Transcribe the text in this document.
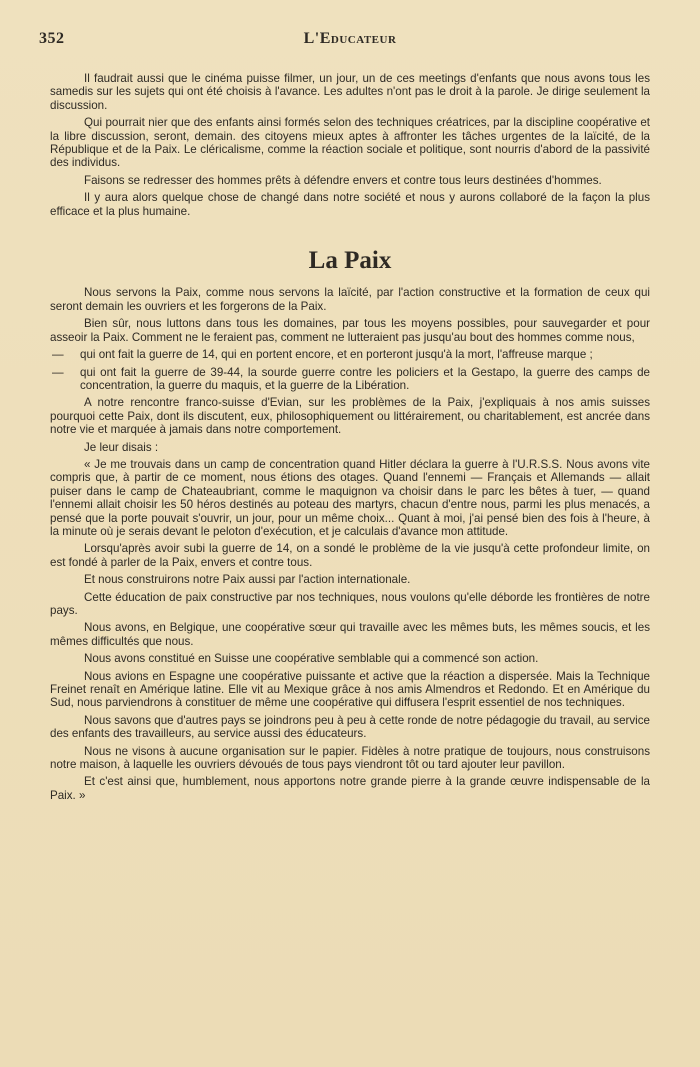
352	L'Educateur

Il faudrait aussi que le cinéma puisse filmer, un jour, un de ces meetings d'enfants que nous avons tous les samedis sur les sujets qui ont été choisis à l'avance. Les adultes n'ont pas le droit à la parole. Je dirige seulement la discussion.

Qui pourrait nier que des enfants ainsi formés selon des techniques créatrices, par la discipline coopérative et la libre discussion, seront, demain. des citoyens mieux aptes à affronter les tâches urgentes de la laïcité, de la République et de la Paix. Le cléricalisme, comme la réaction sociale et politique, sont nourris d'abord de la passivité des individus.

Faisons se redresser des hommes prêts à défendre envers et contre tous leurs destinées d'hommes.

Il y aura alors quelque chose de changé dans notre société et nous y aurons collaboré de la façon la plus efficace et la plus humaine.

La Paix

Nous servons la Paix, comme nous servons la laïcité, par l'action constructive et la formation de ceux qui seront demain les ouvriers et les forgerons de la Paix.

Bien sûr, nous luttons dans tous les domaines, par tous les moyens possibles, pour sauvegarder et pour asseoir la Paix. Comment ne le feraient pas, comment ne lutteraient pas jusqu'au bout des hommes comme nous,

—	qui ont fait la guerre de 14, qui en portent encore, et en porteront jusqu'à la mort, l'affreuse marque ;
—	qui ont fait la guerre de 39-44, la sourde guerre contre les policiers et la Gestapo, la guerre des camps de concentration, la guerre du maquis, et la guerre de la Libération.

A notre rencontre franco-suisse d'Evian, sur les problèmes de la Paix, j'expliquais à nos amis suisses pourquoi cette Paix, dont ils discutent, eux, philosophiquement ou littérairement, ou charitablement, est ancrée dans notre vie et marquée à jamais dans notre comportement.

Je leur disais :

« Je me trouvais dans un camp de concentration quand Hitler déclara la guerre à l'U.R.S.S. Nous avons vite compris que, à partir de ce moment, nous étions des otages. Quand l'ennemi — Français et Allemands — allait puiser dans le camp de Chateaubriant, comme le maquignon va choisir dans le parc les bêtes à tuer, — quand l'ennemi allait choisir les 50 héros destinés au poteau des martyrs, chacun d'entre nous, parmi les plus menacés, a pensé que la porte pouvait s'ouvrir, un jour, pour un même choix... Quant à moi, j'ai pensé bien des fois à l'heure, à la minute où je serais devant le peloton d'exécution, et je calculais d'avance mon attitude.

Lorsqu'après avoir subi la guerre de 14, on a sondé le problème de la vie jusqu'à cette profondeur limite, on est fondé à parler de la Paix, envers et contre tous.

Et nous construirons notre Paix aussi par l'action internationale.

Cette éducation de paix constructive par nos techniques, nous voulons qu'elle déborde les frontières de notre pays.

Nous avons, en Belgique, une coopérative sœur qui travaille avec les mêmes buts, les mêmes soucis, et les mêmes difficultés que nous.

Nous avons constitué en Suisse une coopérative semblable qui a commencé son action.

Nous avions en Espagne une coopérative puissante et active que la réaction a dispersée. Mais la Technique Freinet renaît en Amérique latine. Elle vit au Mexique grâce à nos amis Almendros et Redondo. Et en Amérique du Sud, nous parviendrons à constituer de même une coopérative qui diffusera l'esprit essentiel de nos techniques.

Nous savons que d'autres pays se joindrons peu à peu à cette ronde de notre pédagogie du travail, au service des enfants des travailleurs, au service aussi des éducateurs.

Nous ne visons à aucune organisation sur le papier. Fidèles à notre pratique de toujours, nous construisons notre maison, à laquelle les ouvriers dévoués de tous pays viendront tôt ou tard ajouter leur pavillon.

Et c'est ainsi que, humblement, nous apportons notre grande pierre à la grande œuvre indispensable de la Paix. »
